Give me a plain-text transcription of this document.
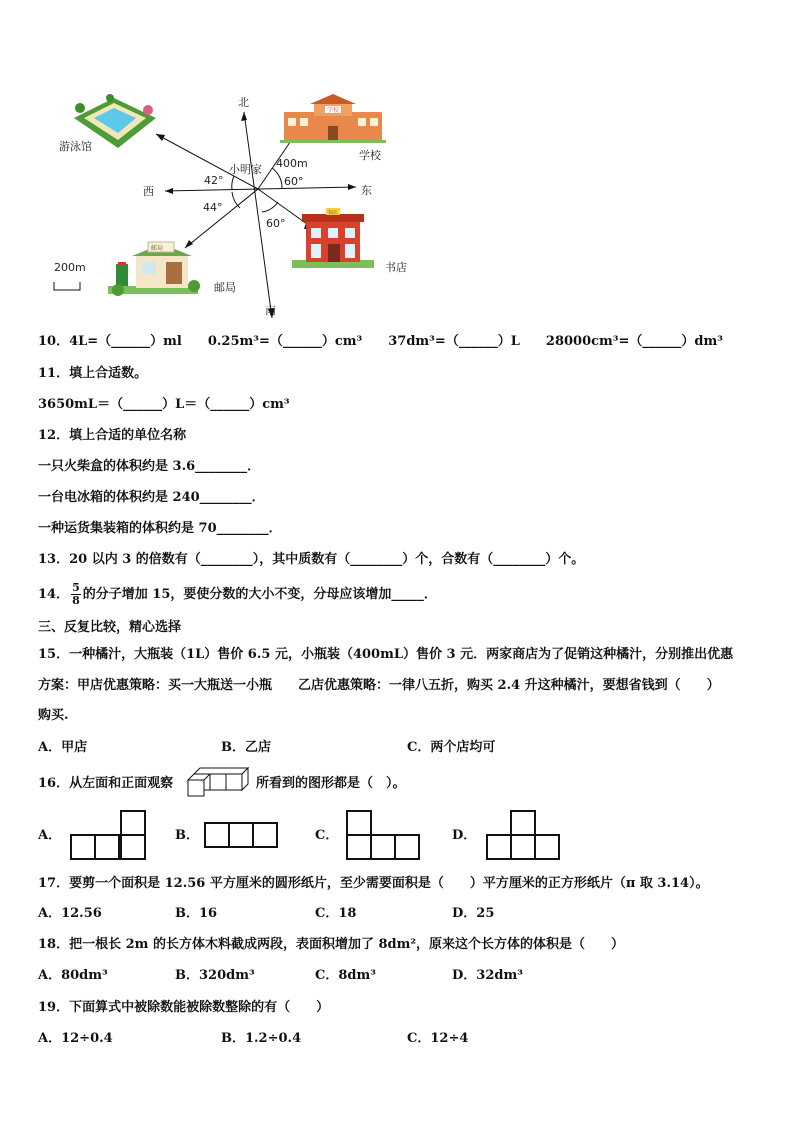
北
南
东
西
小明家 400m
42°
44°
60°
60°
游泳馆
学校
书店
邮局
200m
学校
书店
邮局
10．4L=（______）ml　　0.25m³=（______）cm³　　37dm³=（______）L　　28000cm³=（______）dm³
11．填上合适数。
3650mL＝（______）L＝（______）cm³
12．填上合适的单位名称
一只火柴盒的体积约是 3.6________．
一台电冰箱的体积约是 240________．
一种运货集装箱的体积约是 70________．
13．20 以内 3 的倍数有（________），其中质数有（________）个，合数有（________）个。
14． $\frac{5}{8}$ 的分子增加 15，要使分数的大小不变，分母应该增加_____．
三、反复比较，精心选择
15．一种橘汁，大瓶装（1L）售价 6.5 元，小瓶装（400mL）售价 3 元．两家商店为了促销这种橘汁，分别推出优惠
方案：甲店优惠策略：买一大瓶送一小瓶　　乙店优惠策略：一律八五折，购买 2.4 升这种橘汁，要想省钱到（　　）
购买.
A．甲店	B．乙店	C．两个店均可
16．从左面和正面观察	所看到的图形都是（　）。
A．	B．	C．	D．
17．要剪一个面积是 12.56 平方厘米的圆形纸片，至少需要面积是（　　）平方厘米的正方形纸片（π 取 3.14）。
A．12.56	B．16	C．18	D．25
18．把一根长 2m 的长方体木料截成两段，表面积增加了 8dm²，原来这个长方体的体积是（　　）
A．80dm³	B．320dm³	C．8dm³	D．32dm³
19．下面算式中被除数能被除数整除的有（　　）
A．12÷0.4	B．1.2÷0.4	C．12÷4
